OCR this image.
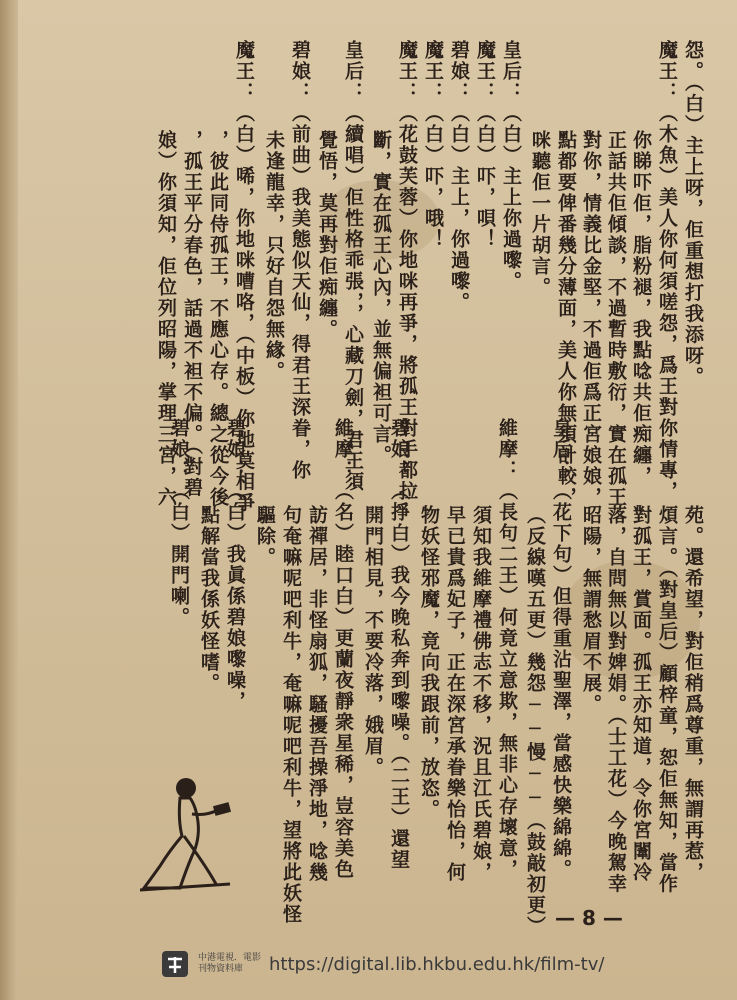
怨。（白）主上呀，佢重想打我添呀。
魔王：（木魚）美人你何須嗟怨，爲王對你情專，
你睇吓佢，脂粉褪，我點唸共佢痴纏，
正話共佢傾談，不過暫時敷衍，實在孤王
對你，情義比金堅，不過佢爲正宮娘娘，
點都要俾番幾分薄面，美人你無須計較，
咪聽佢一片胡言。
皇后：（白）主上你過嚟。
魔王：（白）吓，唄！
碧娘：（白）主上，你過嚟。
魔王：（白）吓，哦！
魔王：（花鼓芙蓉）你地咪再爭，將孤王對手都拉
斷，實在孤王心內，並無偏袒可言。
皇后：（續唱）佢性格乖張，，心藏刀劍，君王須
覺悟，莫再對佢痴纏。
碧娘：（前曲）我美態似天仙，得君王深眷，你
未逢龍幸，只好自怨無緣。
魔王：（白）唏，你地咪嘈咯，（中板）你地莫相爭
，彼此同侍孤王，不應心存。總之從今後
，孤王平分春色，話過不袒不偏。（對碧
娘）你須知，佢位列昭陽，掌理三宮，六
苑。還希望，對佢稍爲尊重，無謂再惹，
煩言。（對皇后）顧梓童，恕佢無知，當作
對孤王，賞面。孤王亦知道，令你宮闈冷
落，自問無以對婢娟。（士工花）今晚駕幸
昭陽，無謂愁眉不展。
皇后：（花下句）但得重沾聖澤，當感快樂綿綿。
（反線嘆五更）幾怨──慢──（鼓敲初更）
維摩：（長句二王）何竟立意欺，無非心存壞意，
須知我維摩禮佛志不移，況且江氏碧娘，
早已貴爲妃子，正在深宮承眷樂怡怡，何
物妖怪邪魔，竟向我跟前，放恣。
碧娘：（掙白）我今晚私奔到嚟噪。（二王）還望
開門相見，不要冷落，娥眉。
維摩：（名）睦口白）更蘭夜靜衆星稀，豈容美色
訪禪居，非怪扇狐，騷擾吾操淨地，唸幾
句奄嘛呢吧利牛，奄嘛呢吧利牛，望將此妖怪
驅除。
碧娘：（白）我眞係碧娘嚟噪，
點解當我係妖怪嗜。
碧娘：（白）開門喇。
— 8 —
中港電視．電影
刊物資料庫	https://digital.lib.hkbu.edu.hk/film-tv/
